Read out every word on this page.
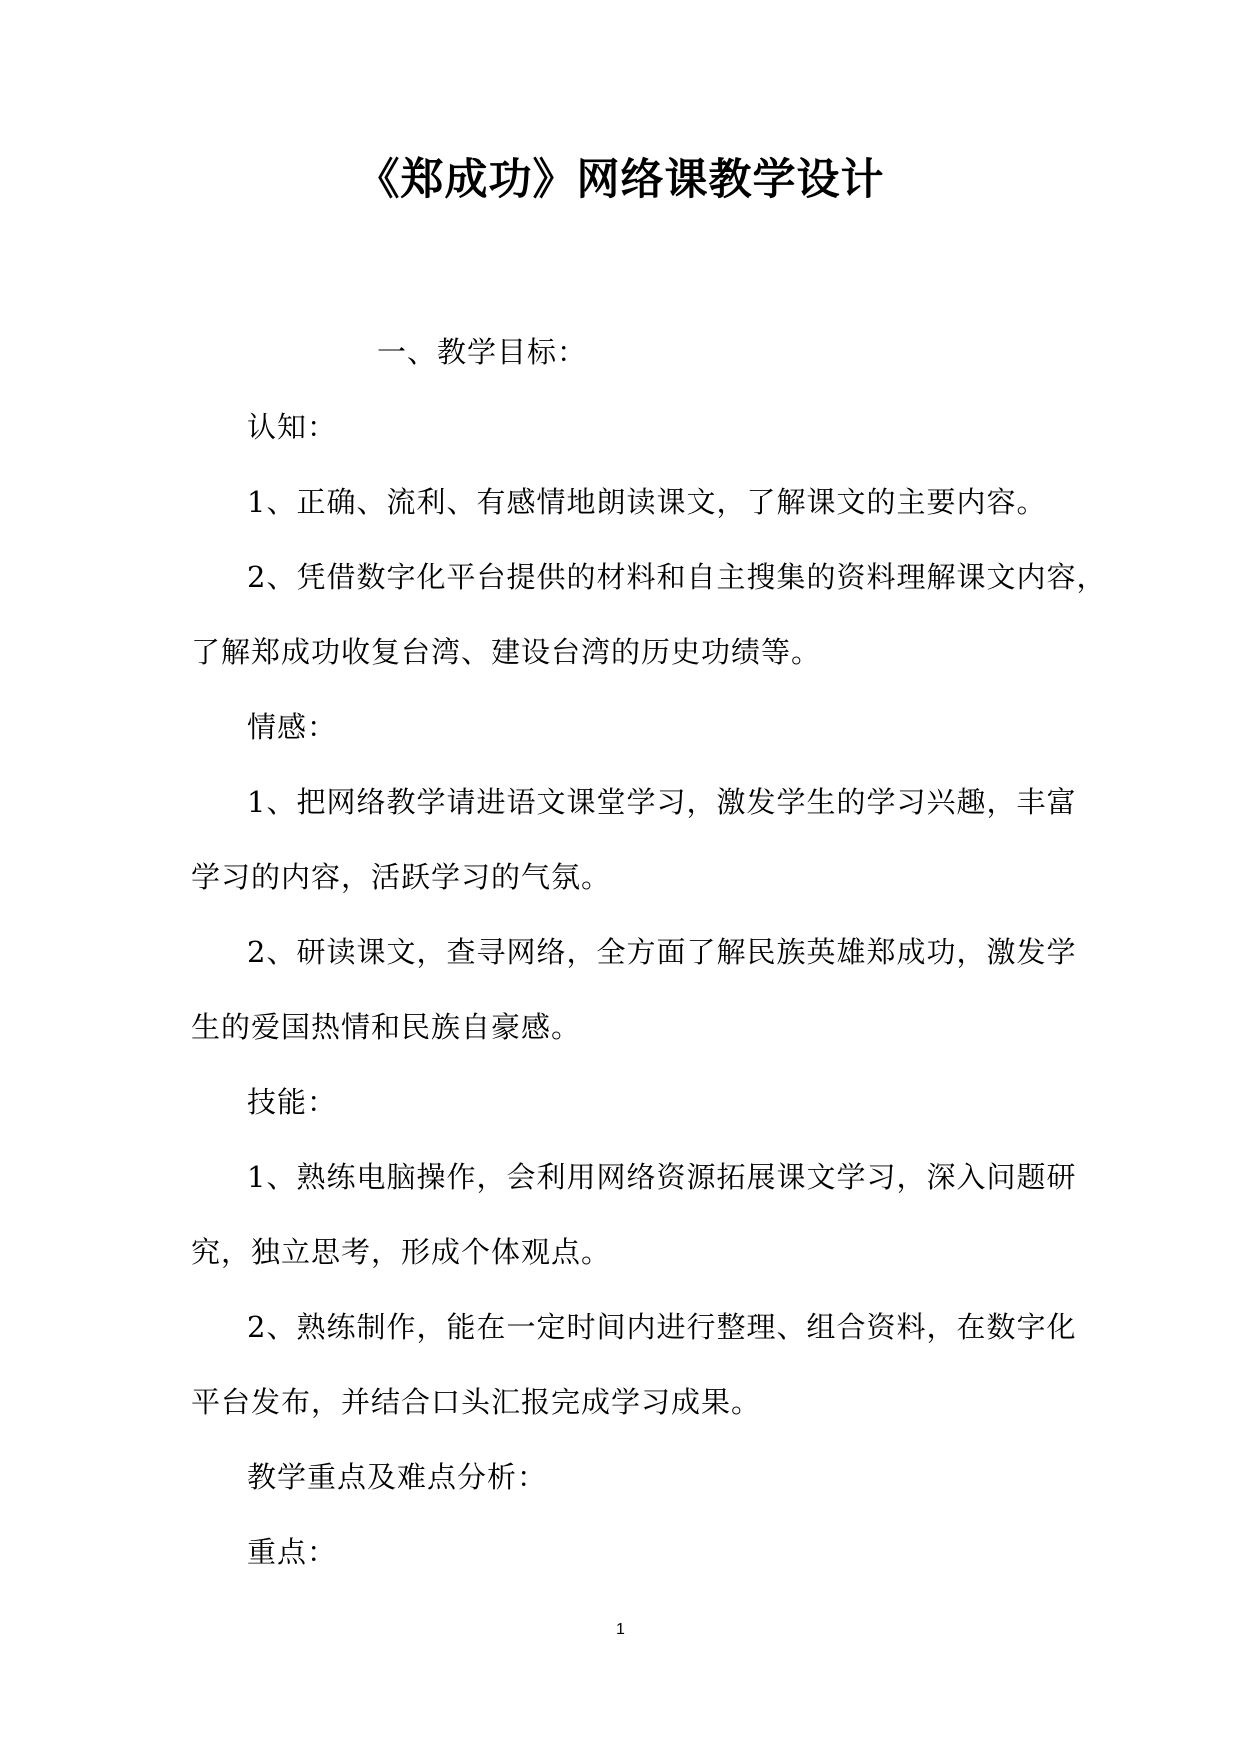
《郑成功》网络课教学设计
一、教学目标：
认知：
1、正确、流利、有感情地朗读课文，了解课文的主要内容。
2、凭借数字化平台提供的材料和自主搜集的资料理解课文内容，
了解郑成功收复台湾、建设台湾的历史功绩等。
情感：
1、把网络教学请进语文课堂学习，激发学生的学习兴趣，丰富
学习的内容，活跃学习的气氛。
2、研读课文，查寻网络，全方面了解民族英雄郑成功，激发学
生的爱国热情和民族自豪感。
技能：
1、熟练电脑操作，会利用网络资源拓展课文学习，深入问题研
究，独立思考，形成个体观点。
2、熟练制作，能在一定时间内进行整理、组合资料，在数字化
平台发布，并结合口头汇报完成学习成果。
教学重点及难点分析：
重点：
1
